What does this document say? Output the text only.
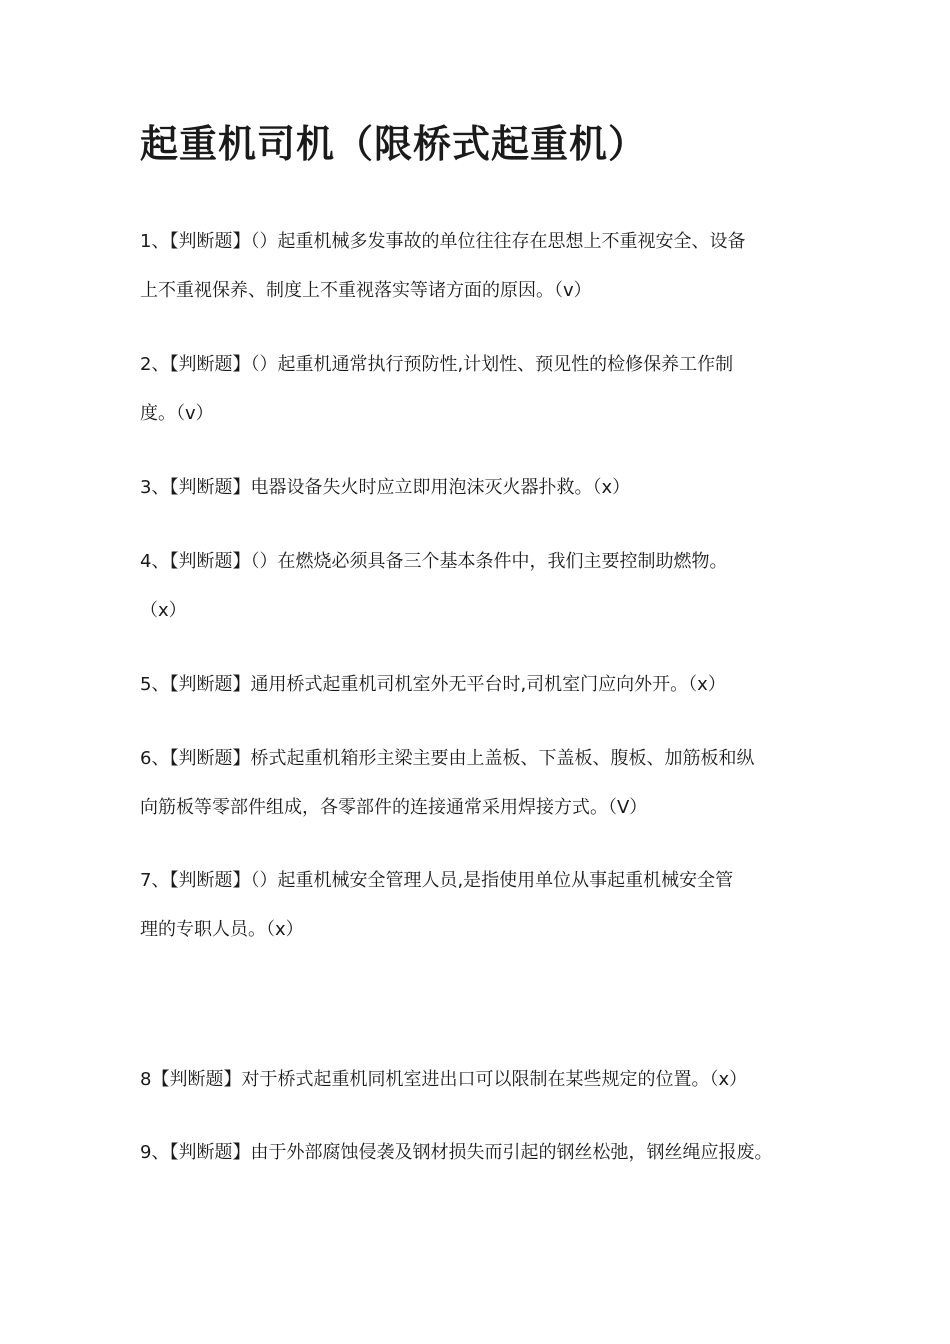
起重机司机（限桥式起重机）
1、【判断题】（）起重机械多发事故的单位往往存在思想上不重视安全、设备
上不重视保养、制度上不重视落实等诸方面的原因。（v）
2、【判断题】（）起重机通常执行预防性,计划性、预见性的检修保养工作制
度。（v）
3、【判断题】电器设备失火时应立即用泡沫灭火器扑救。（x）
4、【判断题】（）在燃烧必须具备三个基本条件中，我们主要控制助燃物。
（x）
5、【判断题】通用桥式起重机司机室外无平台时,司机室门应向外开。（x）
6、【判断题】桥式起重机箱形主梁主要由上盖板、下盖板、腹板、加筋板和纵
向筋板等零部件组成，各零部件的连接通常采用焊接方式。（V）
7、【判断题】（）起重机械安全管理人员,是指使用单位从事起重机械安全管
理的专职人员。（x）
8【判断题】对于桥式起重机同机室进出口可以限制在某些规定的位置。（x）
9、【判断题】由于外部腐蚀侵袭及钢材损失而引起的钢丝松弛，钢丝绳应报废。
